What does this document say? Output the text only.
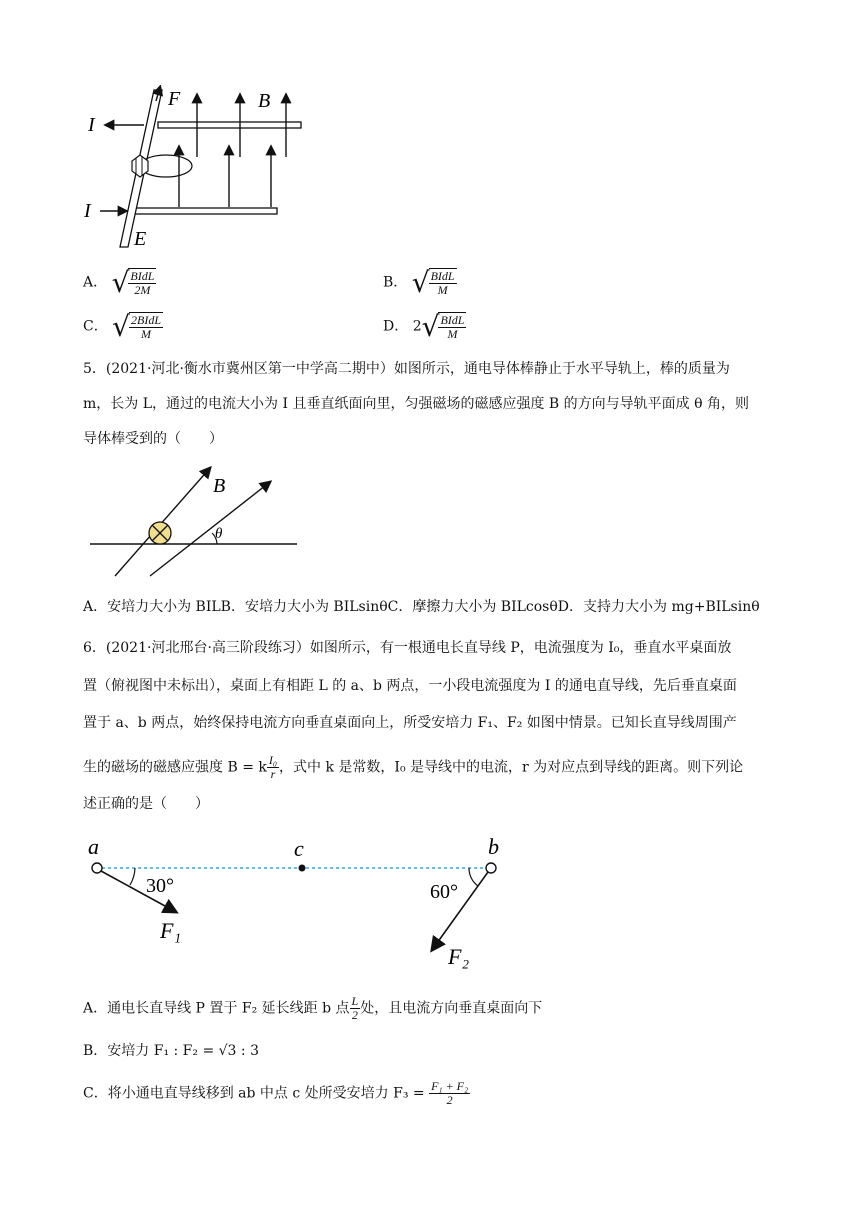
F	B
I
I
E
A． √ $\frac{\text{BIdL}}{2M}$	B． √ $\frac{\text{BIdL}}{M}$
C． √ $\frac{\text{2BIdL}}{M}$	D． 2 √ $\frac{\text{BIdL}}{M}$
5．(2021·河北·衡水市冀州区第一中学高二期中）如图所示，通电导体棒静止于水平导轨上，棒的质量为
m，长为 L，通过的电流大小为 I 且垂直纸面向里，匀强磁场的磁感应强度 B 的方向与导轨平面成 θ 角，则
导体棒受到的（　　）
B
θ
A．安培力大小为 BILB．安培力大小为 BILsinθC．摩擦力大小为 BILcosθD．支持力大小为 mg+BILsinθ
6．(2021·河北邢台·高三阶段练习）如图所示，有一根通电长直导线 P，电流强度为 I₀，垂直水平桌面放
置（俯视图中未标出），桌面上有相距 L 的 a、b 两点，一小段电流强度为 I 的通电直导线，先后垂直桌面
置于 a、b 两点，始终保持电流方向垂直桌面向上，所受安培力 F₁、F₂ 如图中情景。已知长直导线周围产
生的磁场的磁感应强度 B = k $\frac{\text{I₀}}{r}$ ，式中 k 是常数，I₀ 是导线中的电流，r 为对应点到导线的距离。则下列论
述正确的是（　　）
a	c	b
30°	60°
F₁
F₂
A．通电长直导线 P 置于 F₂ 延长线距 b 点 $\frac{L}{2}$ 处，且电流方向垂直桌面向下
B．安培力 F₁ : F₂ = √3 : 3
C．将小通电直导线移到 ab 中点 c 处所受安培力 $F_3 = \frac{\text{F₁ + F₂}}{2}$
